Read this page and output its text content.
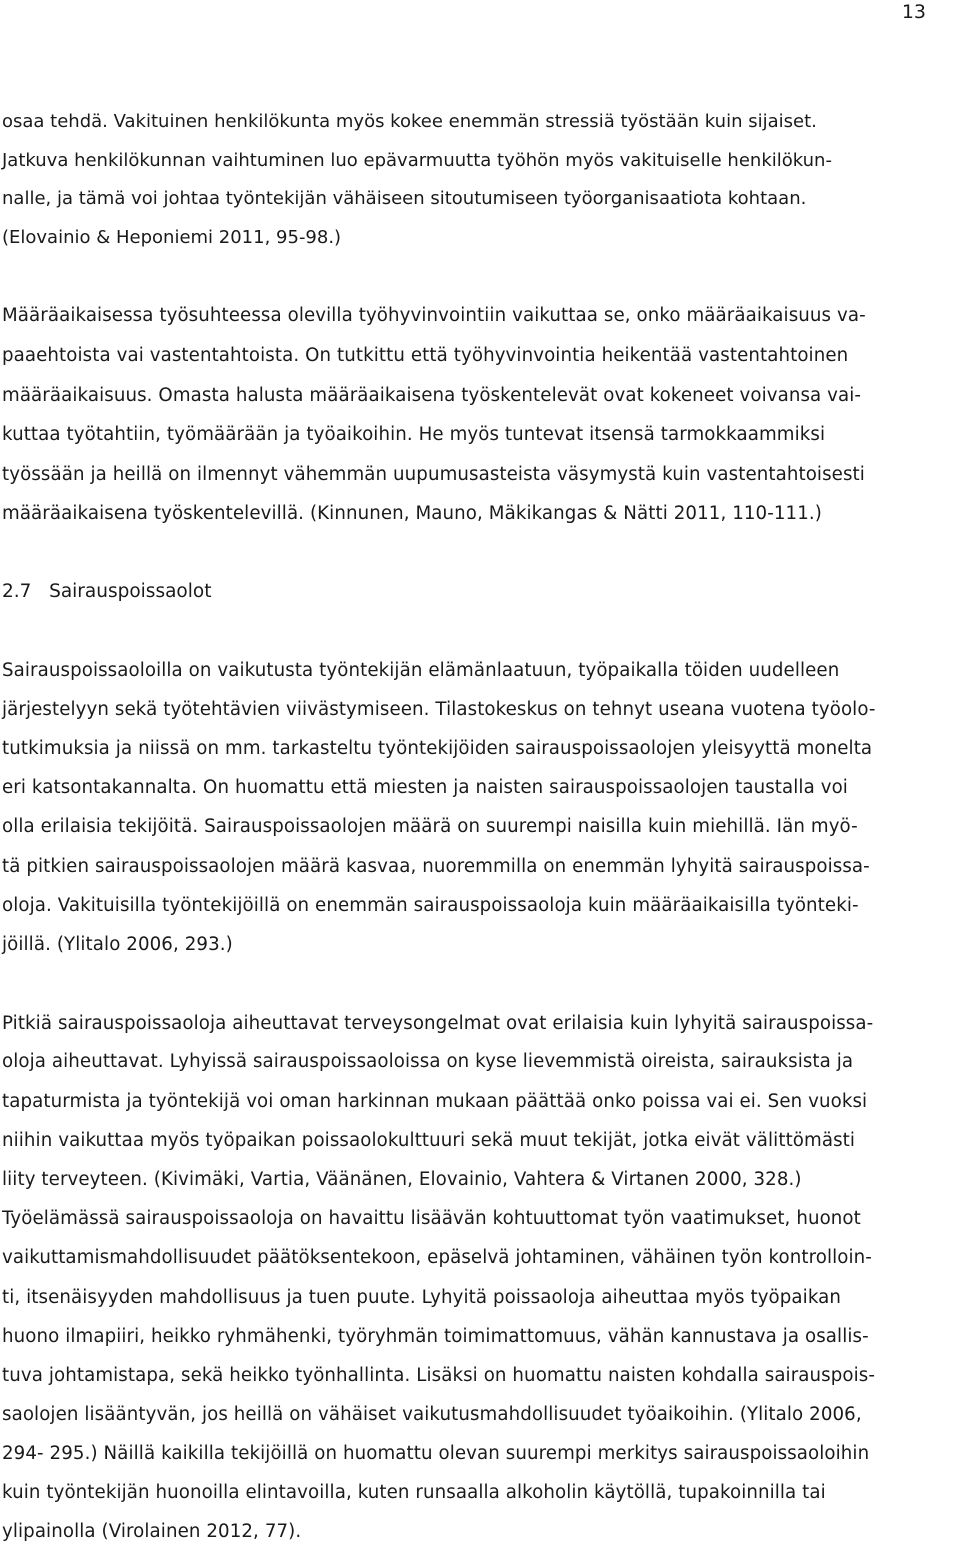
13
osaa tehdä. Vakituinen henkilökunta myös kokee enemmän stressiä työstään kuin sijaiset.
Jatkuva henkilökunnan vaihtuminen luo epävarmuutta työhön myös vakituiselle henkilökun-
nalle, ja tämä voi johtaa työntekijän vähäiseen sitoutumiseen työorganisaatiota kohtaan.
(Elovainio & Heponiemi 2011, 95-98.)
Määräaikaisessa työsuhteessa olevilla työhyvinvointiin vaikuttaa se, onko määräaikaisuus va-
paaehtoista vai vastentahtoista. On tutkittu että työhyvinvointia heikentää vastentahtoinen
määräaikaisuus. Omasta halusta määräaikaisena työskentelevät ovat kokeneet voivansa vai-
kuttaa työtahtiin, työmäärään ja työaikoihin. He myös tuntevat itsensä tarmokkaammiksi
työssään ja heillä on ilmennyt vähemmän uupumusasteista väsymystä kuin vastentahtoisesti
määräaikaisena työskentelevillä. (Kinnunen, Mauno, Mäkikangas & Nätti 2011, 110-111.)
2.7 Sairauspoissaolot
Sairauspoissaoloilla on vaikutusta työntekijän elämänlaatuun, työpaikalla töiden uudelleen
järjestelyyn sekä työtehtävien viivästymiseen. Tilastokeskus on tehnyt useana vuotena työolo-
tutkimuksia ja niissä on mm. tarkasteltu työntekijöiden sairauspoissaolojen yleisyyttä monelta
eri katsontakannalta. On huomattu että miesten ja naisten sairauspoissaolojen taustalla voi
olla erilaisia tekijöitä. Sairauspoissaolojen määrä on suurempi naisilla kuin miehillä. Iän myö-
tä pitkien sairauspoissaolojen määrä kasvaa, nuoremmilla on enemmän lyhyitä sairauspoissa-
oloja. Vakituisilla työntekijöillä on enemmän sairauspoissaoloja kuin määräaikaisilla työnteki-
jöillä. (Ylitalo 2006, 293.)
Pitkiä sairauspoissaoloja aiheuttavat terveysongelmat ovat erilaisia kuin lyhyitä sairauspoissa-
oloja aiheuttavat. Lyhyissä sairauspoissaoloissa on kyse lievemmistä oireista, sairauksista ja
tapaturmista ja työntekijä voi oman harkinnan mukaan päättää onko poissa vai ei. Sen vuoksi
niihin vaikuttaa myös työpaikan poissaolokulttuuri sekä muut tekijät, jotka eivät välittömästi
liity terveyteen. (Kivimäki, Vartia, Väänänen, Elovainio, Vahtera & Virtanen 2000, 328.)
Työelämässä sairauspoissaoloja on havaittu lisäävän kohtuuttomat työn vaatimukset, huonot
vaikuttamismahdollisuudet päätöksentekoon, epäselvä johtaminen, vähäinen työn kontrolloin-
ti, itsenäisyyden mahdollisuus ja tuen puute. Lyhyitä poissaoloja aiheuttaa myös työpaikan
huono ilmapiiri, heikko ryhmähenki, työryhmän toimimattomuus, vähän kannustava ja osallis-
tuva johtamistapa, sekä heikko työnhallinta. Lisäksi on huomattu naisten kohdalla sairauspois-
saolojen lisääntyvän, jos heillä on vähäiset vaikutusmahdollisuudet työaikoihin. (Ylitalo 2006,
294- 295.) Näillä kaikilla tekijöillä on huomattu olevan suurempi merkitys sairauspoissaoloihin
kuin työntekijän huonoilla elintavoilla, kuten runsaalla alkoholin käytöllä, tupakoinnilla tai
ylipainolla (Virolainen 2012, 77).
